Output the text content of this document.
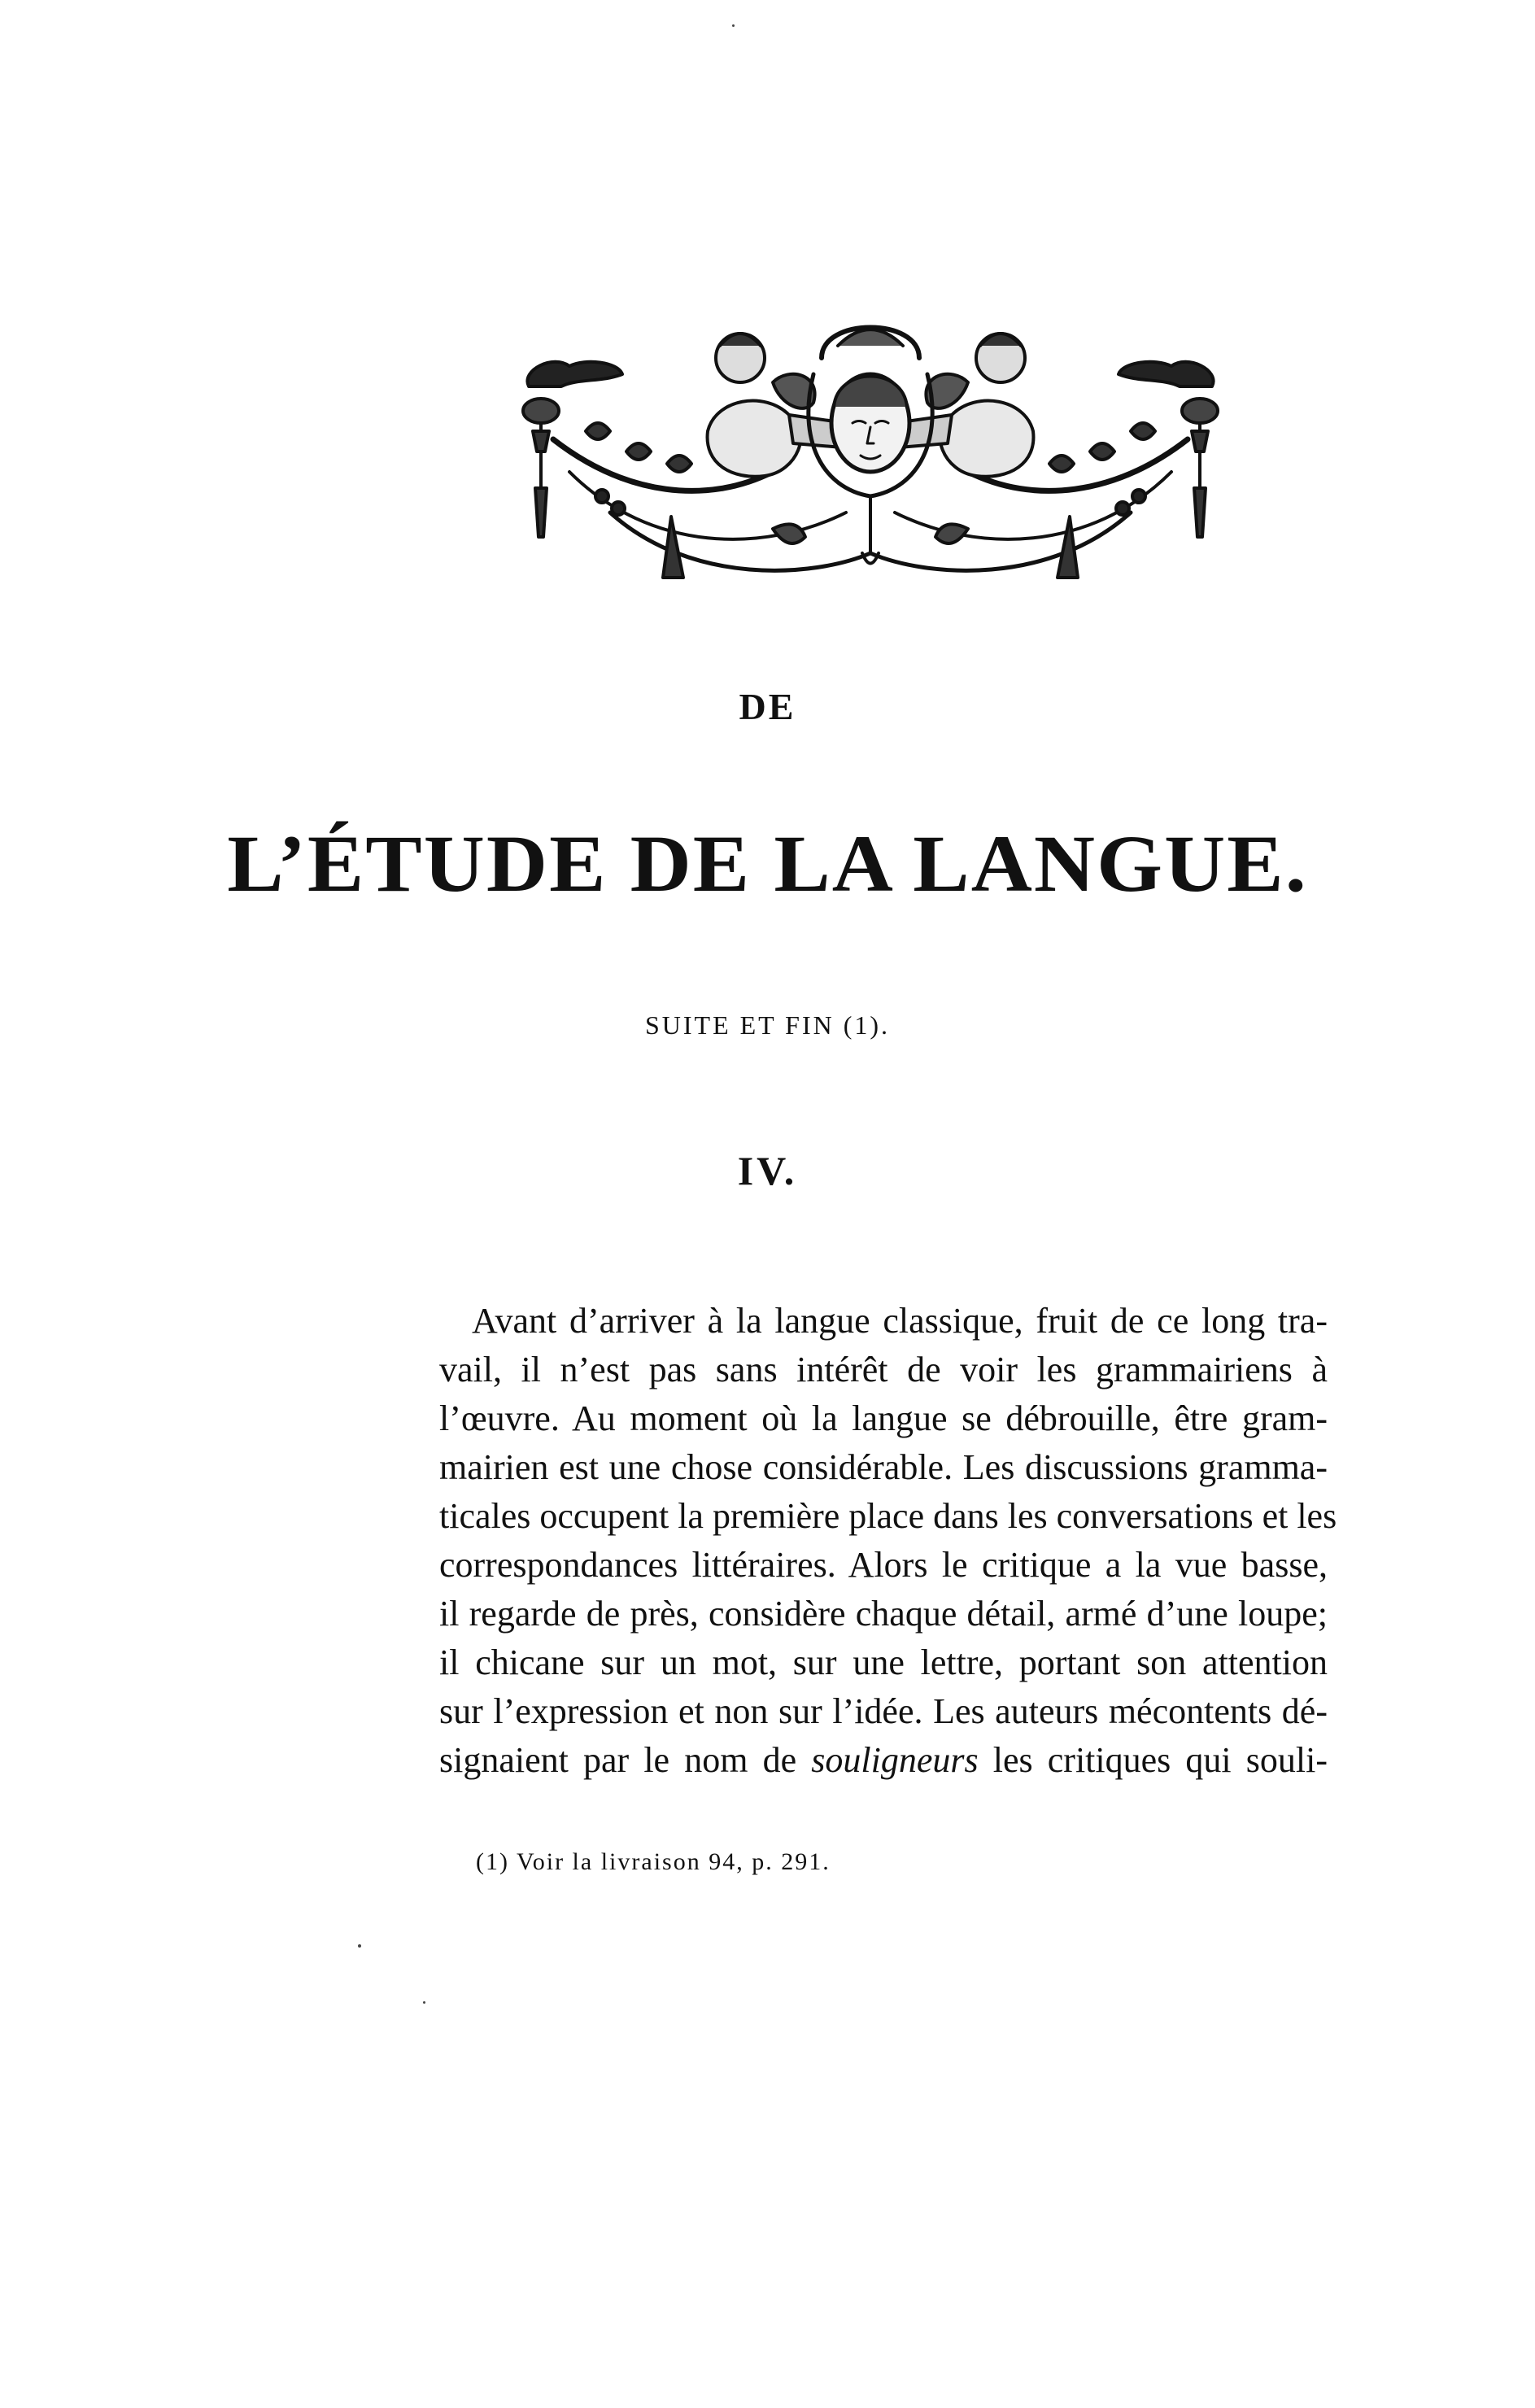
DE
L’ÉTUDE DE LA LANGUE.
SUITE ET FIN (1).
IV.
Avant d’arriver à la langue classique, fruit de ce long tra-
vail, il n’est pas sans intérêt de voir les grammairiens à
l’œuvre. Au moment où la langue se débrouille, être gram-
mairien est une chose considérable. Les discussions gramma-
ticales occupent la première place dans les conversations et les
correspondances littéraires. Alors le critique a la vue basse,
il regarde de près, considère chaque détail, armé d’une loupe;
il chicane sur un mot, sur une lettre, portant son attention
sur l’expression et non sur l’idée. Les auteurs mécontents dé-
signaient par le nom de souligneurs les critiques qui souli-
(1) Voir la livraison 94, p. 291.
